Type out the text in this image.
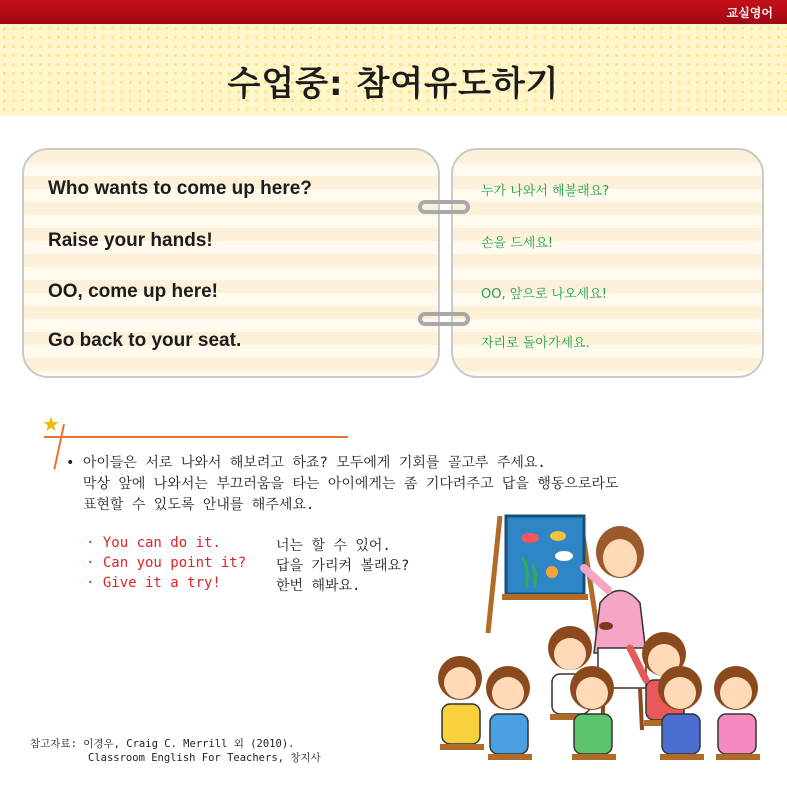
교실영어
수업중: 참여유도하기
Who wants to come up here?
Raise your hands!
OO, come up here!
Go back to your seat.
누가 나와서 해볼래요?
손을 드세요!
OO, 앞으로 나오세요!
자리로 돌아가세요.
★
• 아이들은 서로 나와서 해보려고 하죠? 모두에게 기회를 골고루 주세요.
막상 앞에 나와서는 부끄러움을 타는 아이에게는 좀 기다려주고 답을 행동으로라도
표현할 수 있도록 안내를 해주세요.
· You can do it.	너는 할 수 있어.
· Can you point it? 답을 가리켜 볼래요?
· Give it a try!	한번 해봐요.
참고자료: 이경우, Craig C. Merrill 외 (2010).
Classroom English For Teachers, 창지사
